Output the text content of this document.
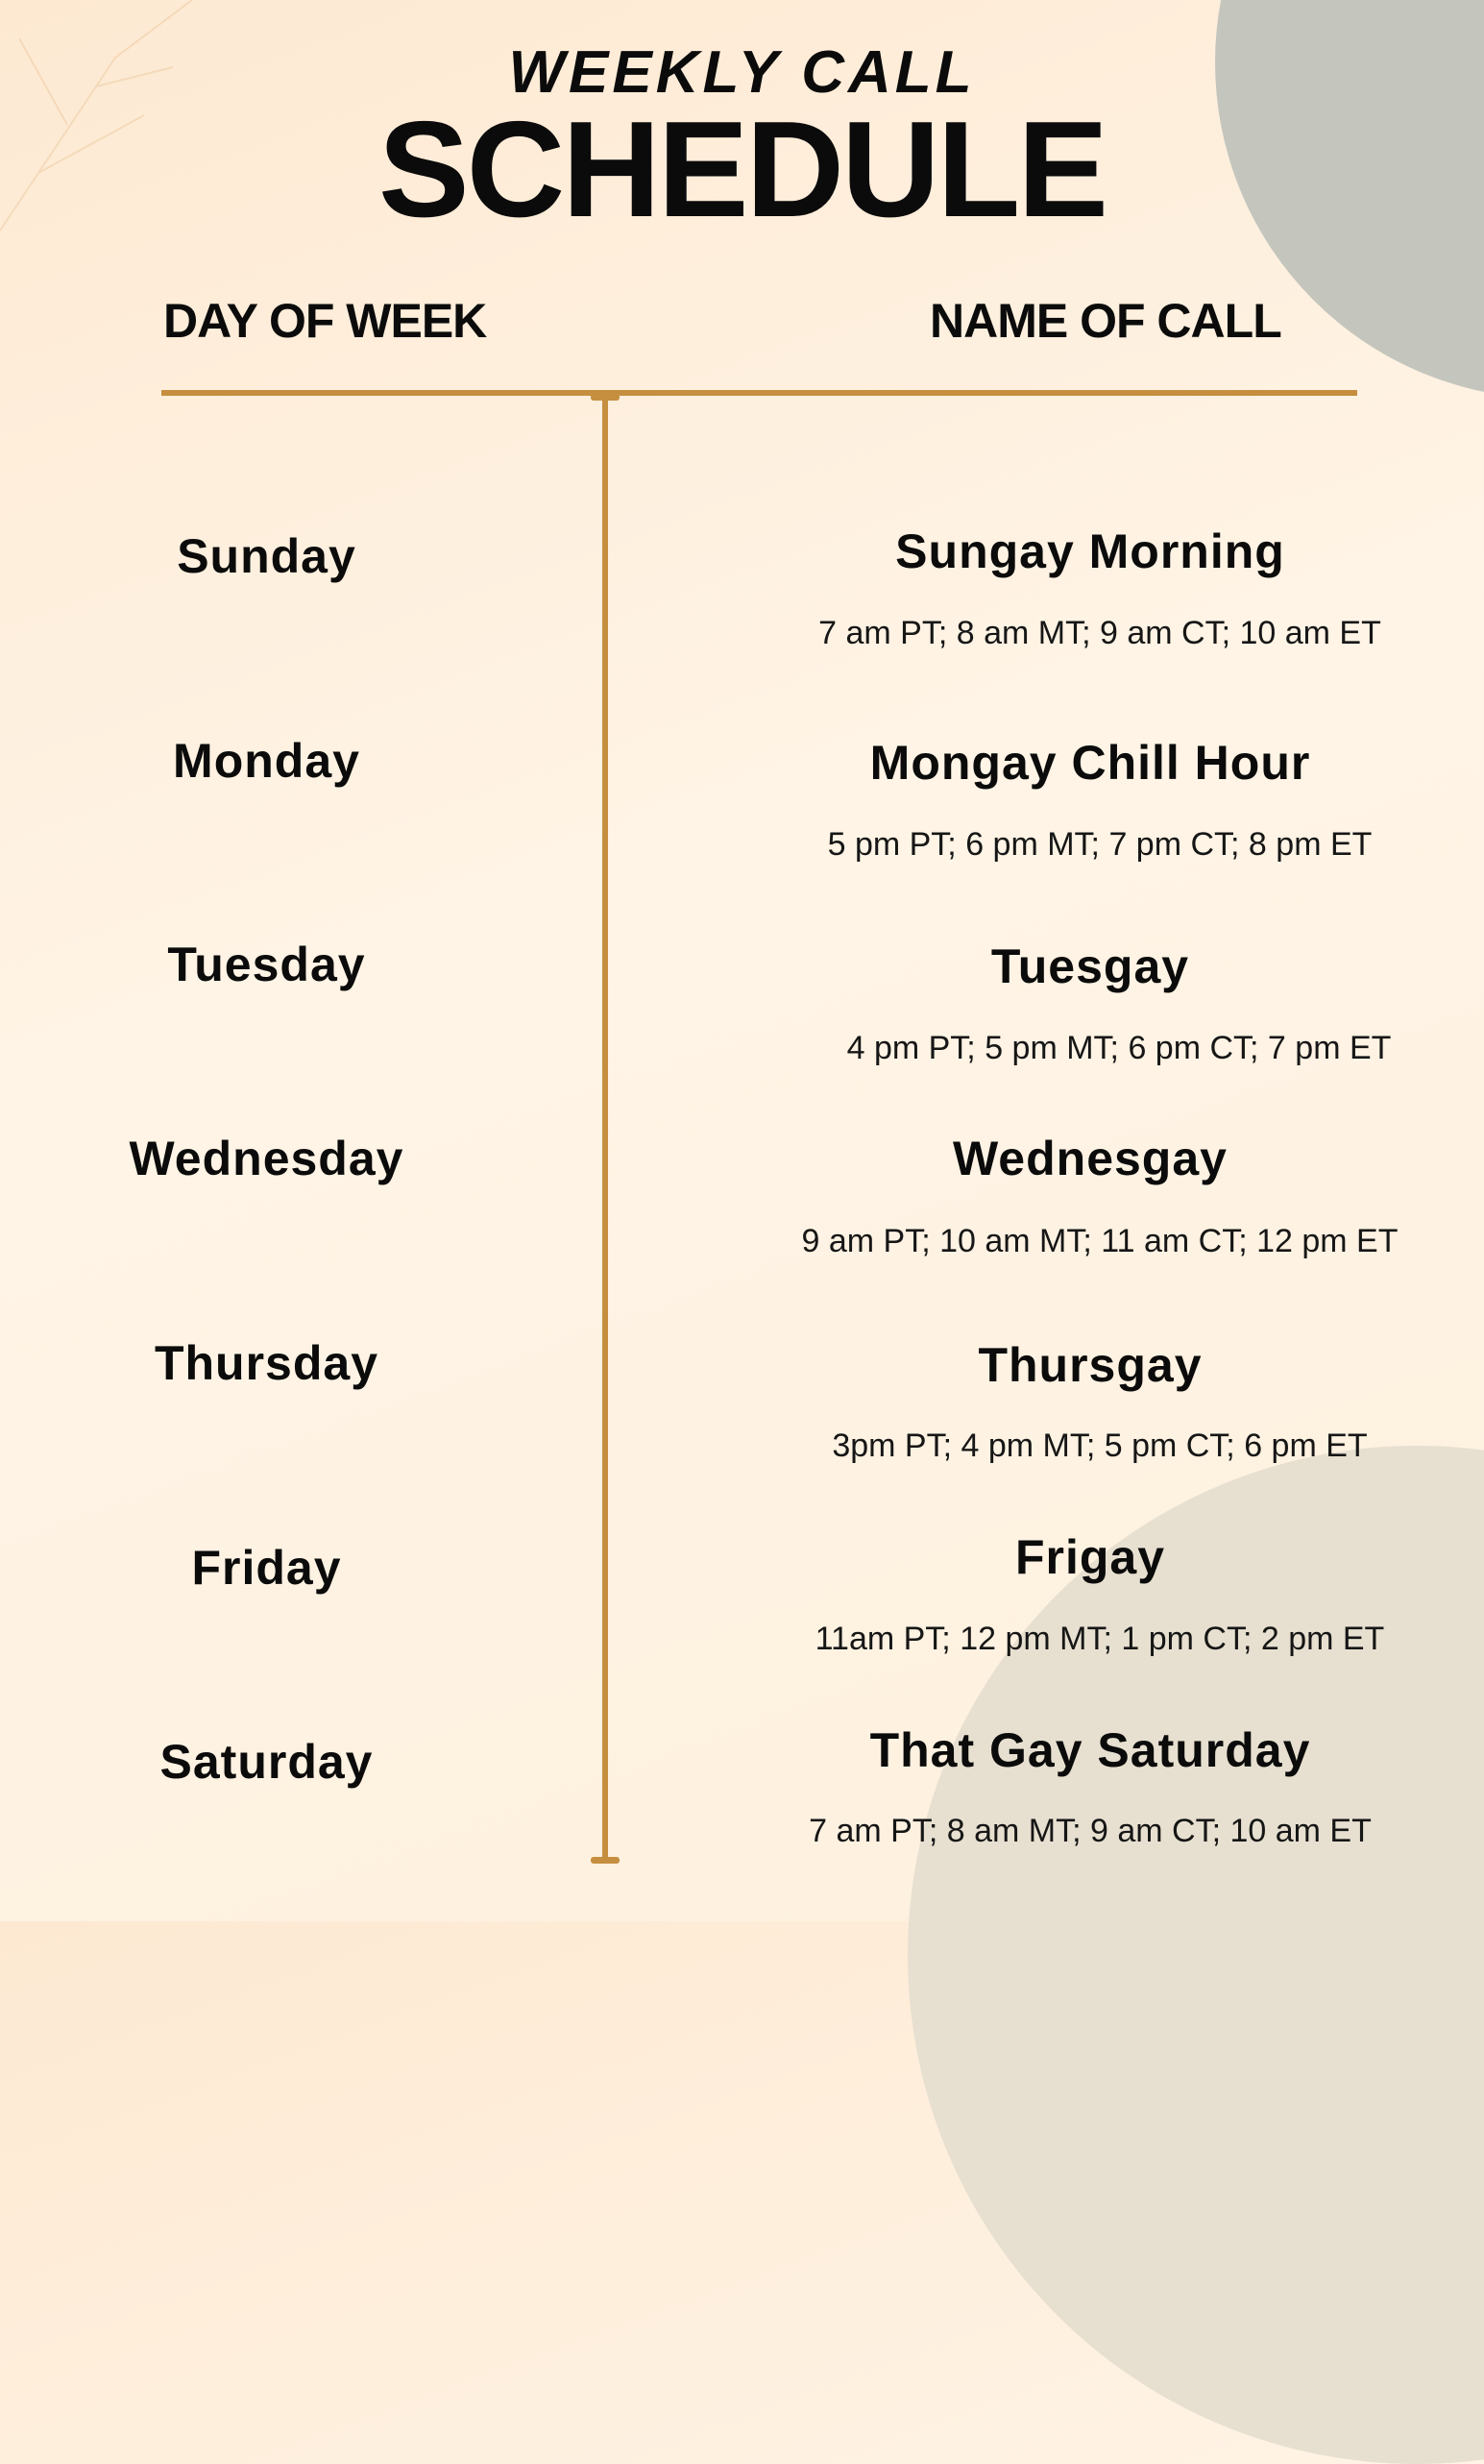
WEEKLY CALL
SCHEDULE
DAY OF WEEK	NAME OF CALL
Sunday	Sungay Morning
7 am PT; 8 am MT; 9 am CT; 10 am ET
Monday	Mongay Chill Hour
5 pm PT; 6 pm MT; 7 pm CT; 8 pm ET
Tuesday	Tuesgay
4 pm PT; 5 pm MT; 6 pm CT; 7 pm ET
Wednesday	Wednesgay
9 am PT; 10 am MT; 11 am CT; 12 pm ET
Thursday	Thursgay
3pm PT; 4 pm MT; 5 pm CT; 6 pm ET
Friday	Frigay
11am PT; 12 pm MT; 1 pm CT; 2 pm ET
Saturday	That Gay Saturday
7 am PT; 8 am MT; 9 am CT; 10 am ET
